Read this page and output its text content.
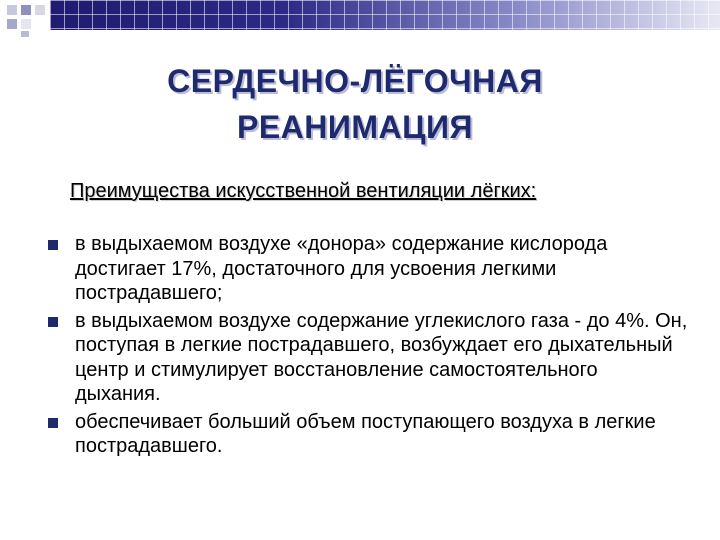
СЕРДЕЧНО-ЛЁГОЧНАЯ
РЕАНИМАЦИЯ
Преимущества искусственной вентиляции лёгких:
в выдыхаемом воздухе «донора» содержание кислорода достигает 17%, достаточного для усвоения легкими пострадавшего;
в выдыхаемом воздухе содержание углекислого газа - до 4%. Он, поступая в легкие пострадавшего, возбуждает его дыхательный центр и стимулирует восстановление самостоятельного дыхания.
обеспечивает больший объем поступающего воздуха в легкие пострадавшего.
